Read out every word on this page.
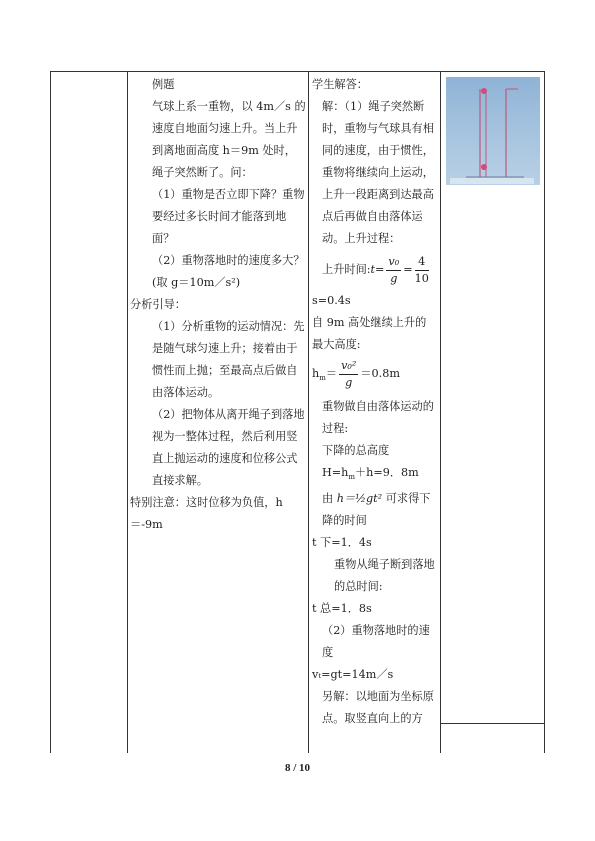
例题

气球上系一重物，以 4m／s 的速度自地面匀速上升。当上升到离地面高度 h＝9m 处时，绳子突然断了。问：

（1）重物是否立即下降？重物要经过多长时间才能落到地面？

（2）重物落地时的速度多大？(取 g＝10m／s²)

分析引导：

（1）分析重物的运动情况：先是随气球匀速上升；接着由于惯性而上抛；至最高点后做自由落体运动。

（2）把物体从离开绳子到落地视为一整体过程，然后利用竖直上抛运动的速度和位移公式直接求解。

特别注意：这时位移为负值，h＝-9m

学生解答：

解：（1）绳子突然断时，重物与气球具有相同的速度，由于惯性，重物将继续向上运动，上升一段距离到达最高点后再做自由落体运动。上升过程：

上升时间:t= $\frac{\text{v₀}}{g} = \frac{4}{10}$

s=0.4s

自 9m 高处继续上升的最大高度:

$h_m= \frac{\text{v₀²}}{g} =0.8m$

重物做自由落体运动的过程:

下降的总高度

$H=h_m+h=9$．8m

由 h＝½gt² 可求得下降的时间

t 下=1．4s

重物从绳子断到落地的总时间:

t 总=1．8s

（2）重物落地时的速度

vₜ=gt=14m／s

另解：以地面为坐标原点。取竖直向上的方

8 / 10
